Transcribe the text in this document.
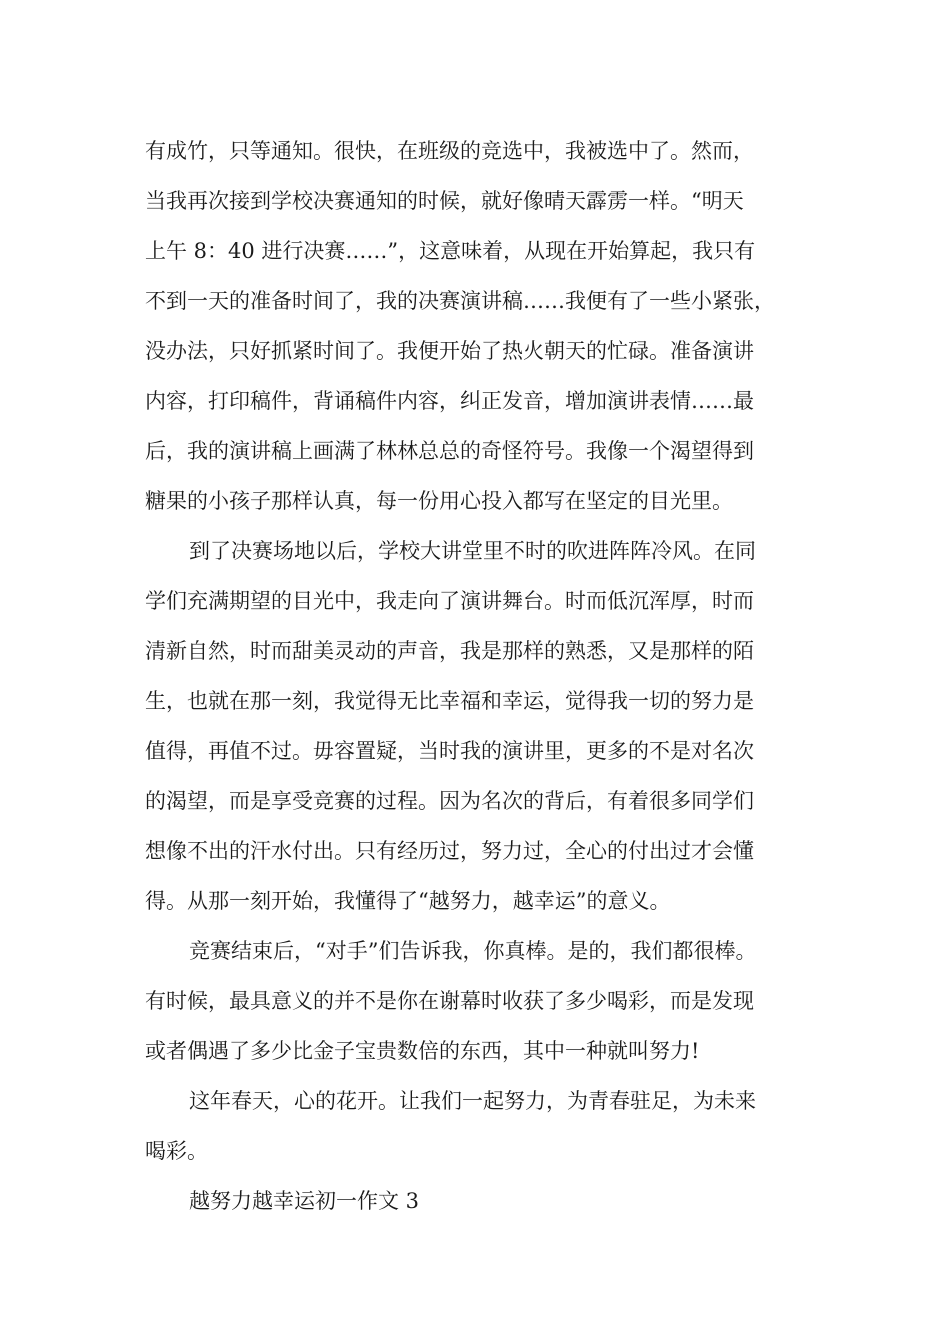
有成竹，只等通知。很快，在班级的竞选中，我被选中了。然而，
当我再次接到学校决赛通知的时候，就好像晴天霹雳一样。“明天
上午 8：40 进行决赛……”，这意味着，从现在开始算起，我只有
不到一天的准备时间了，我的决赛演讲稿……我便有了一些小紧张，
没办法，只好抓紧时间了。我便开始了热火朝天的忙碌。准备演讲
内容，打印稿件，背诵稿件内容，纠正发音，增加演讲表情……最
后，我的演讲稿上画满了林林总总的奇怪符号。我像一个渴望得到
糖果的小孩子那样认真，每一份用心投入都写在坚定的目光里。
到了决赛场地以后，学校大讲堂里不时的吹进阵阵冷风。在同
学们充满期望的目光中，我走向了演讲舞台。时而低沉浑厚，时而
清新自然，时而甜美灵动的声音，我是那样的熟悉，又是那样的陌
生，也就在那一刻，我觉得无比幸福和幸运，觉得我一切的努力是
值得，再值不过。毋容置疑，当时我的演讲里，更多的不是对名次
的渴望，而是享受竞赛的过程。因为名次的背后，有着很多同学们
想像不出的汗水付出。只有经历过，努力过，全心的付出过才会懂
得。从那一刻开始，我懂得了“越努力，越幸运”的意义。
竞赛结束后，“对手”们告诉我，你真棒。是的，我们都很棒。
有时候，最具意义的并不是你在谢幕时收获了多少喝彩，而是发现
或者偶遇了多少比金子宝贵数倍的东西，其中一种就叫努力!
这年春天，心的花开。让我们一起努力，为青春驻足，为未来
喝彩。
越努力越幸运初一作文 3
